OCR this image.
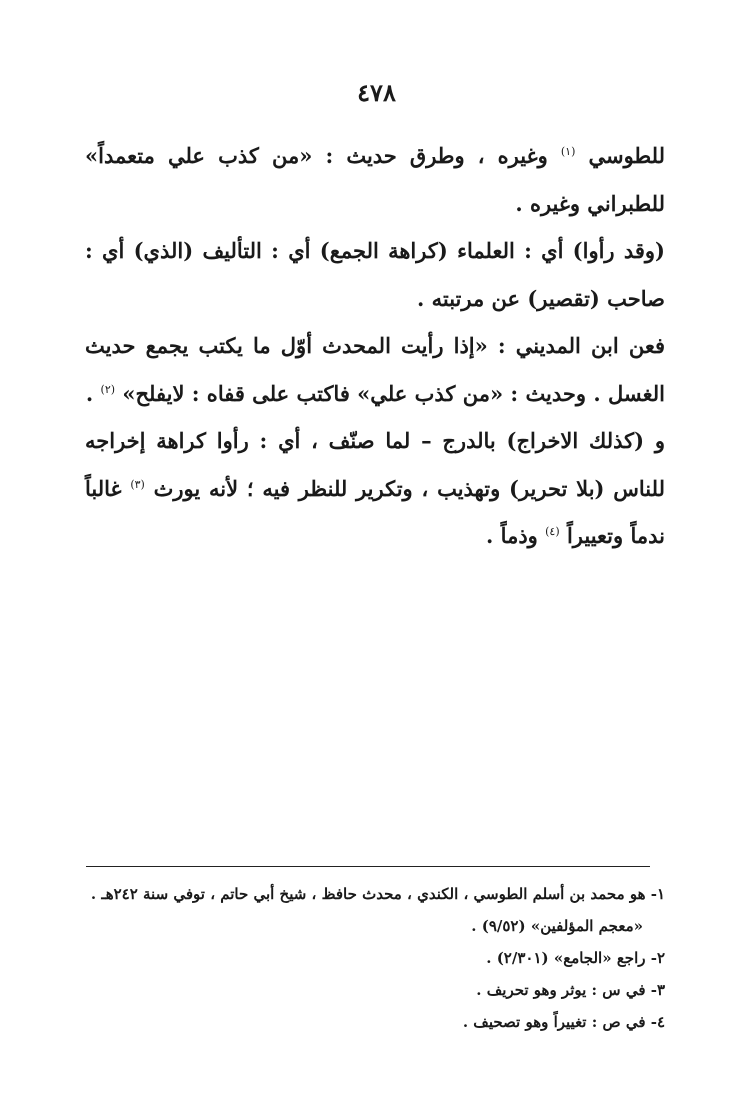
٤٧٨

للطوسي $^{(١)}$ وغيره ، وطرق حديث : «من كذب علي متعمداً» للطبراني وغيره .

(وقد رأوا) أي : العلماء (كراهة الجمع) أي : التأليف (الذي) أي : صاحب (تقصير) عن مرتبته .

فعن ابن المديني : «إذا رأيت المحدث أوّل ما يكتب يجمع حديث الغسل . وحديث : «من كذب علي» فاكتب على قفاه : لايفلح» $^{(٢)}$ .

و (كذلك الاخراج) بالدرج – لما صنّف ، أي : رأوا كراهة إخراجه للناس (بلا تحرير) وتهذيب ، وتكرير للنظر فيه ؛ لأنه يورث $^{(٣)}$ غالباً ندماً وتعييراً $^{(٤)}$ وذماً .

١- هو محمد بن أسلم الطوسي ، الكندي ، محدث حافظ ، شيخ أبي حاتم ، توفي سنة ٢٤٢هـ .

«معجم المؤلفين» (٩/٥٢) .

٢- راجع «الجامع» (٢/٣٠١) .

٣- في س : يوثر وهو تحريف .

٤- في ص : تغييراً وهو تصحيف .
